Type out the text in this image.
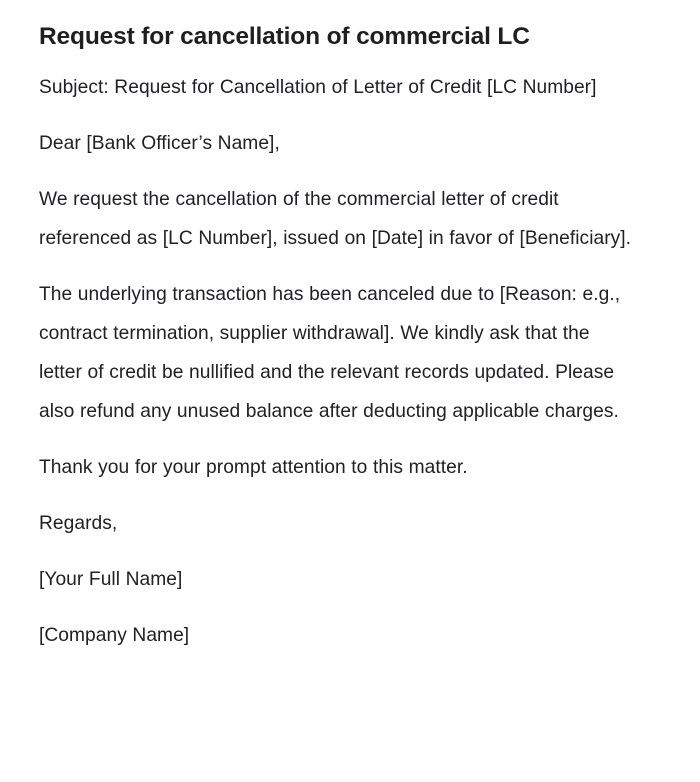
Request for cancellation of commercial LC

Subject: Request for Cancellation of Letter of Credit [LC Number]

Dear [Bank Officer’s Name],

We request the cancellation of the commercial letter of credit referenced as [LC Number], issued on [Date] in favor of [Beneficiary].

The underlying transaction has been canceled due to [Reason: e.g., contract termination, supplier withdrawal]. We kindly ask that the letter of credit be nullified and the relevant records updated. Please also refund any unused balance after deducting applicable charges.

Thank you for your prompt attention to this matter.

Regards,

[Your Full Name]

[Company Name]
